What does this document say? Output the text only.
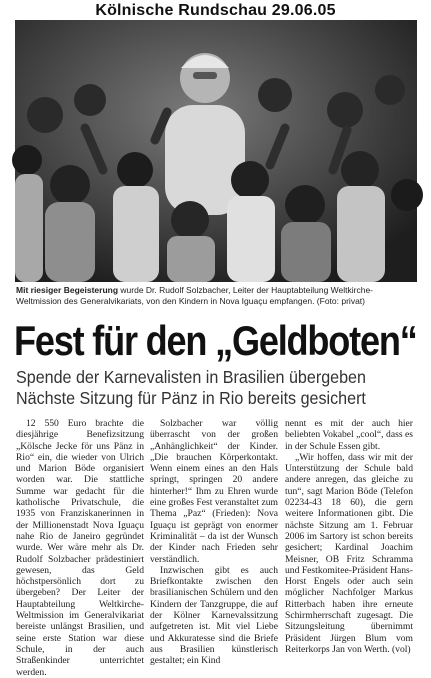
Kölnische Rundschau 29.06.05
Mit riesiger Begeisterung wurde Dr. Rudolf Solzbacher, Leiter der Hauptabteilung Weltkirche-Weltmission des Generalvikariats, von den Kindern in Nova Iguaçu empfangen. (Foto: privat)
Fest für den „Geldboten“
Spende der Karnevalisten in Brasilien übergeben
Nächste Sitzung für Pänz in Rio bereits gesichert

12 550 Euro brachte die diesjährige Benefizsitzung „Kölsche Jecke för uns Pänz in Rio“ ein, die wieder von Ulrich und Marion Böde organisiert worden war. Die stattliche Summe war gedacht für die katholische Privatschule, die 1935 von Franziskanerinnen in der Millionenstadt Nova Iguaçu nahe Rio de Janeiro gegründet wurde. Wer wäre mehr als Dr. Rudolf Solzbacher prädestiniert gewesen, das Geld höchstpersönlich dort zu übergeben? Der Leiter der Hauptabteilung Weltkirche-Weltmission im Generalvikariat bereiste unlängst Brasilien, und seine erste Station war diese Schule, in der auch Straßenkinder unterrichtet werden.

Solzbacher war völlig überrascht von der großen „Anhänglichkeit“ der Kinder. „Die brauchen Körperkontakt. Wenn einem eines an den Hals springt, springen 20 andere hinterher!“ Ihm zu Ehren wurde eine großes Fest veranstaltet zum Thema „Paz“ (Frieden): Nova Iguaçu ist geprägt von enormer Kriminalität – da ist der Wunsch der Kinder nach Frieden sehr verständlich.

Inzwischen gibt es auch Briefkontakte zwischen den brasilianischen Schülern und den Kindern der Tanzgruppe, die auf der Kölner Karnevalssitzung aufgetreten ist. Mit viel Liebe und Akkuratesse sind die Briefe aus Brasilien künstlerisch gestaltet; ein Kind

nennt es mit der auch hier beliebten Vokabel „cool“, dass es in der Schule Essen gibt.

„Wir hoffen, dass wir mit der Unterstützung der Schule bald andere anregen, das gleiche zu tun“, sagt Marion Böde (Telefon 02234-43 18 60), die gern weitere Informationen gibt. Die nächste Sitzung am 1. Februar 2006 im Sartory ist schon bereits gesichert; Kardinal Joachim Meisner, OB Fritz Schramma und Festkomitee-Präsident Hans-Horst Engels oder auch sein möglicher Nachfolger Markus Ritterbach haben ihre erneute Schirmherrschaft zugesagt. Die Sitzungsleitung übernimmt Präsident Jürgen Blum vom Reiterkorps Jan von Werth. (vol)
